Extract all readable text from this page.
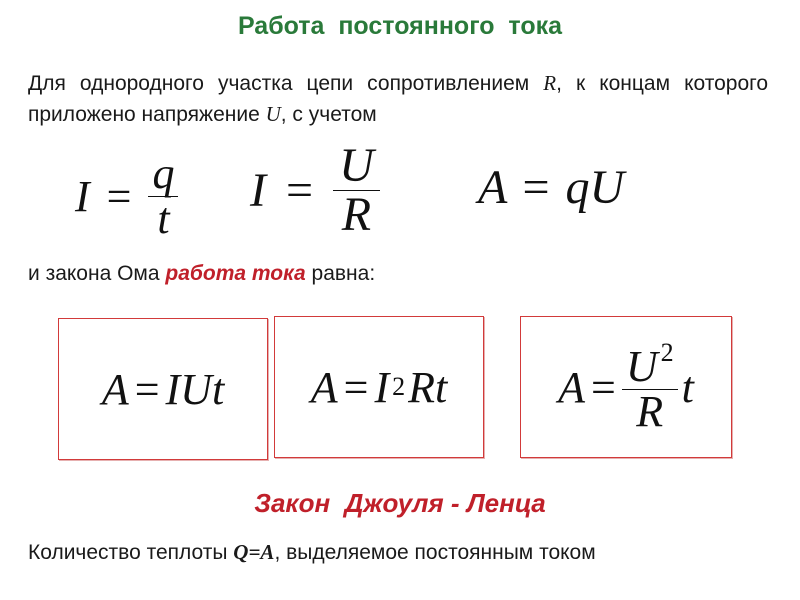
Работа  постоянного  тока
Для однородного участка цепи сопротивлением R, к концам которого приложено напряжение U, с учетом
$I = \frac{q}{t}$ $I = \frac{U}{R}$ A = qU
и закона Ома работа тока равна:
A = IUt A = I 2 Rt	$A = \frac{U ^2}{R}$ t
Закон  Джоуля - Ленца
Количество теплоты Q=A, выделяемое постоянным током
